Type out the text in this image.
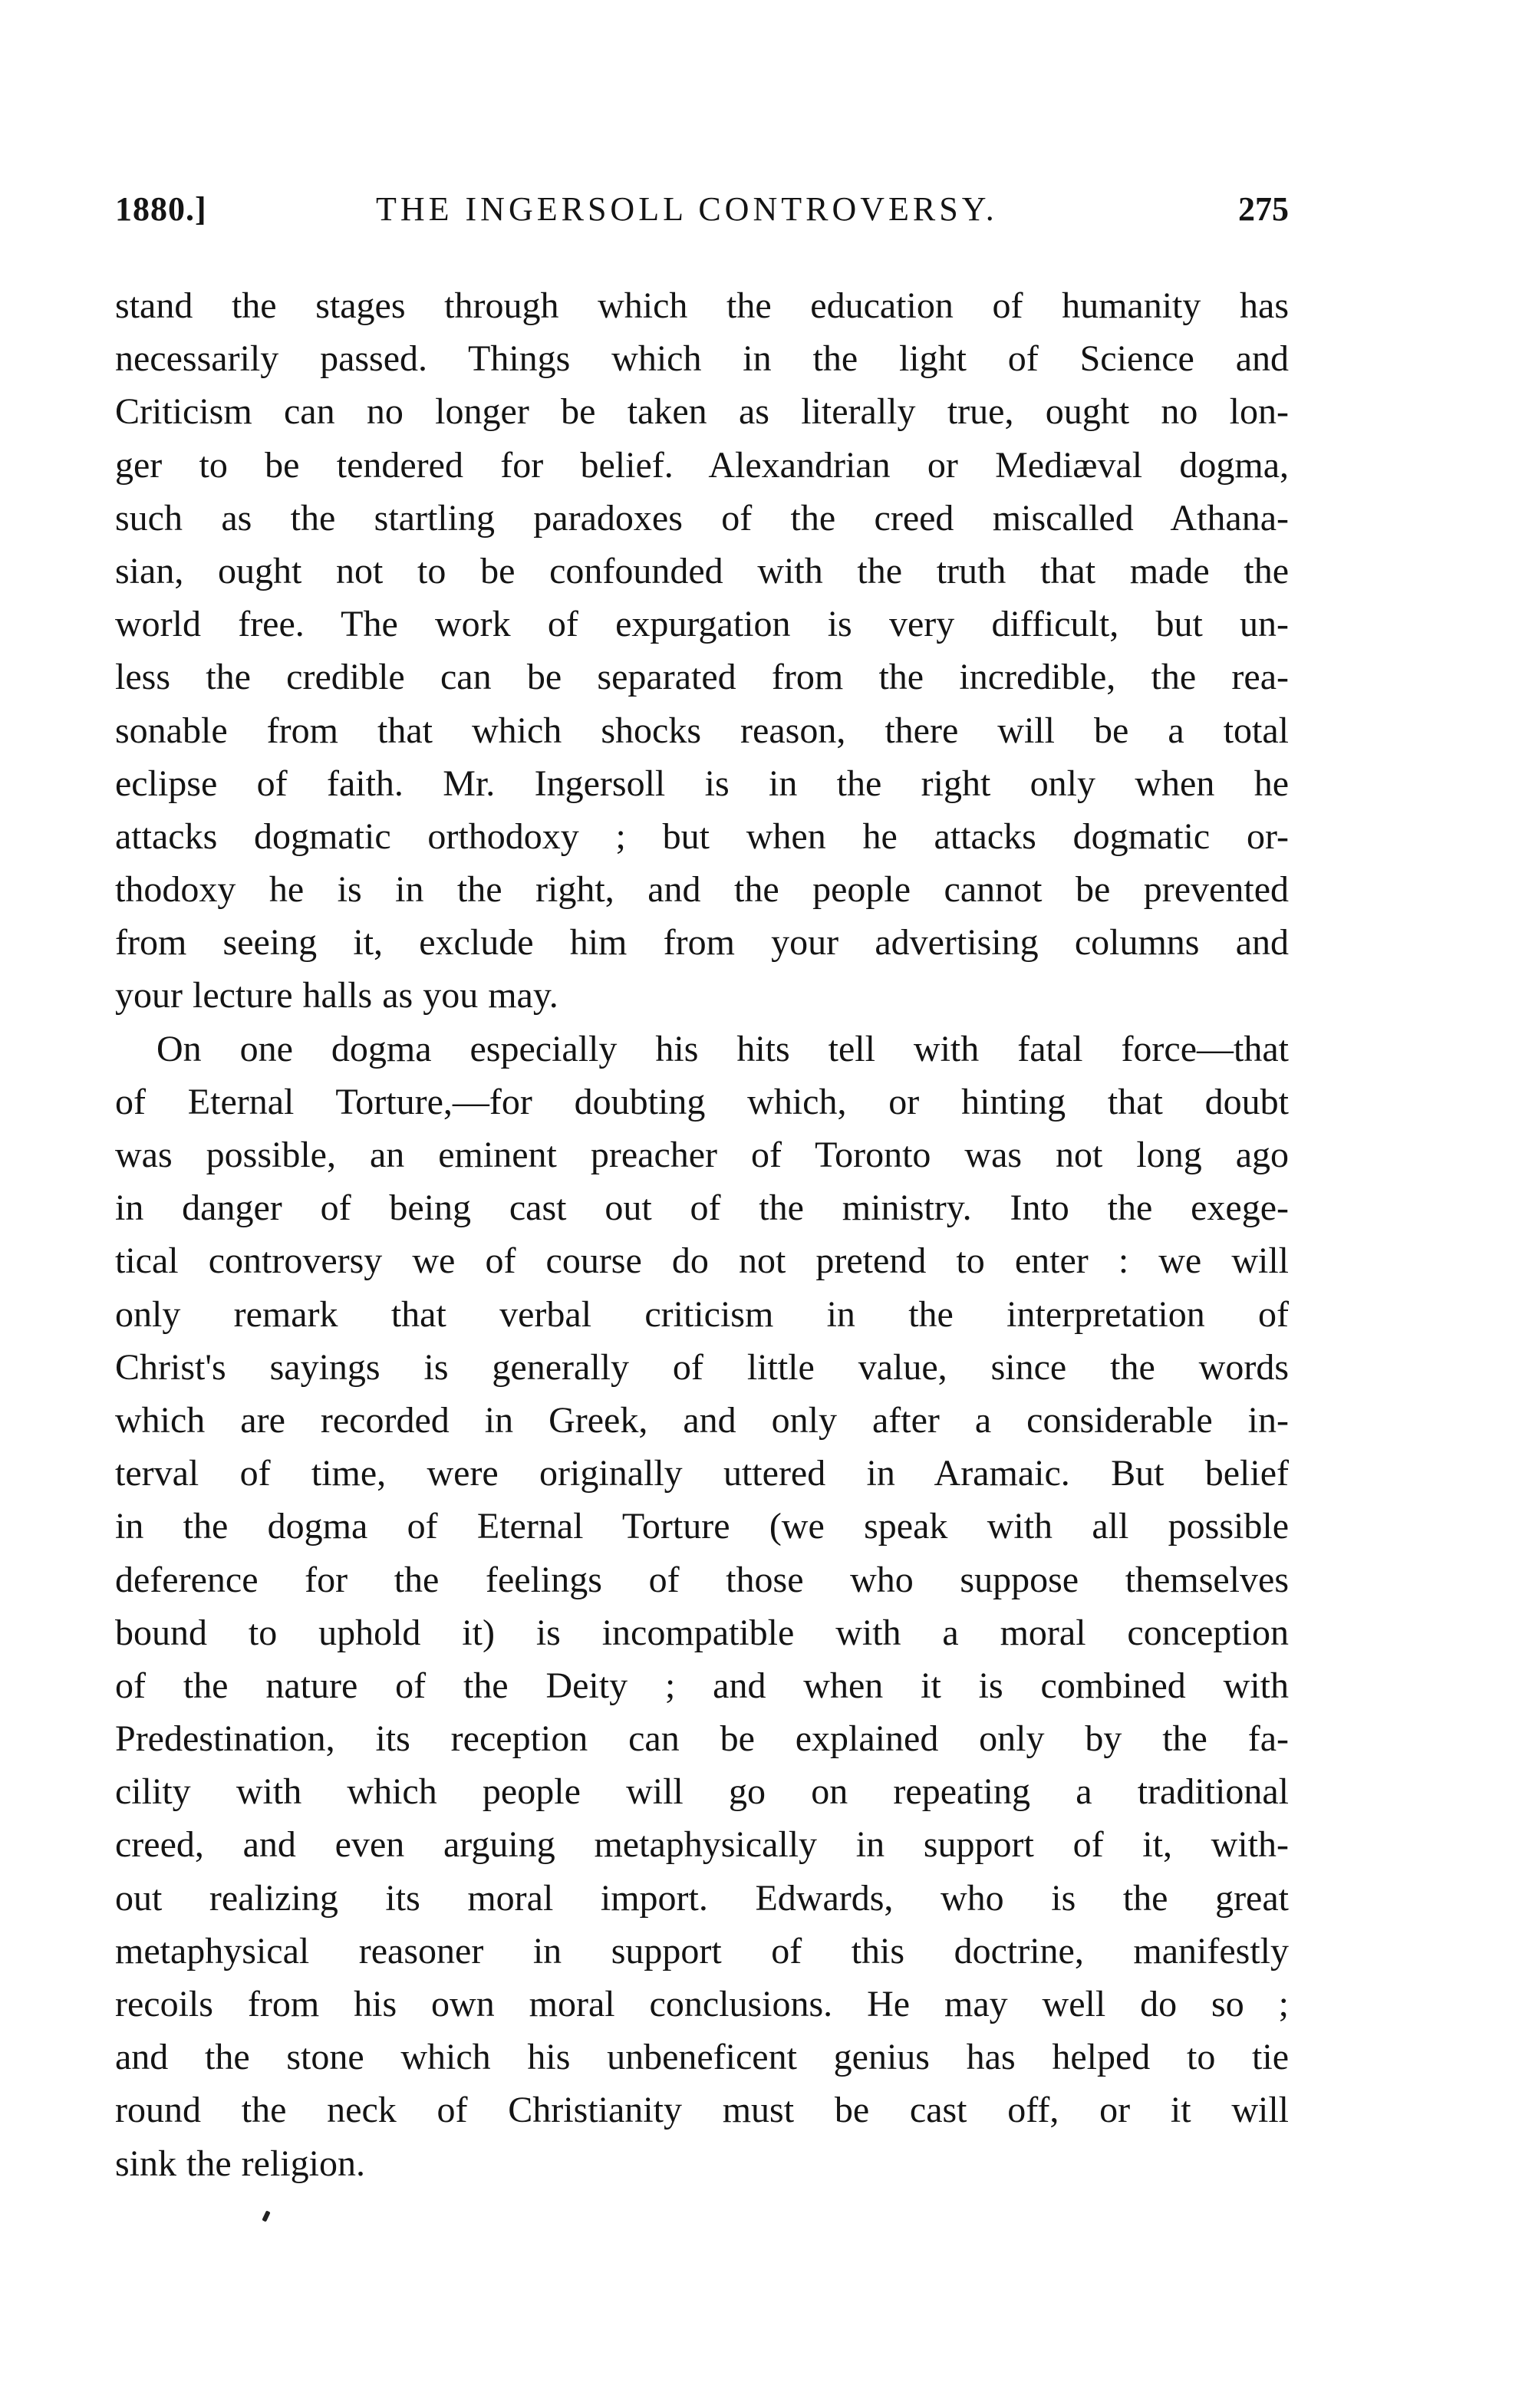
1880.]	THE INGERSOLL CONTROVERSY.	275
stand the stages through which the education of humanity has
necessarily passed. Things which in the light of Science and
Criticism can no longer be taken as literally true, ought no lon-
ger to be tendered for belief. Alexandrian or Mediæval dogma,
such as the startling paradoxes of the creed miscalled Athana-
sian, ought not to be confounded with the truth that made the
world free. The work of expurgation is very difficult, but un-
less the credible can be separated from the incredible, the rea-
sonable from that which shocks reason, there will be a total
eclipse of faith. Mr. Ingersoll is in the right only when he
attacks dogmatic orthodoxy ; but when he attacks dogmatic or-
thodoxy he is in the right, and the people cannot be prevented
from seeing it, exclude him from your advertising columns and
your lecture halls as you may.
On one dogma especially his hits tell with fatal force—that
of Eternal Torture,—for doubting which, or hinting that doubt
was possible, an eminent preacher of Toronto was not long ago
in danger of being cast out of the ministry. Into the exege-
tical controversy we of course do not pretend to enter : we will
only remark that verbal criticism in the interpretation of
Christ's sayings is generally of little value, since the words
which are recorded in Greek, and only after a considerable in-
terval of time, were originally uttered in Aramaic. But belief
in the dogma of Eternal Torture (we speak with all possible
deference for the feelings of those who suppose themselves
bound to uphold it) is incompatible with a moral conception
of the nature of the Deity ; and when it is combined with
Predestination, its reception can be explained only by the fa-
cility with which people will go on repeating a traditional
creed, and even arguing metaphysically in support of it, with-
out realizing its moral import. Edwards, who is the great
metaphysical reasoner in support of this doctrine, manifestly
recoils from his own moral conclusions. He may well do so ;
and the stone which his unbeneficent genius has helped to tie
round the neck of Christianity must be cast off, or it will
sink the religion.
